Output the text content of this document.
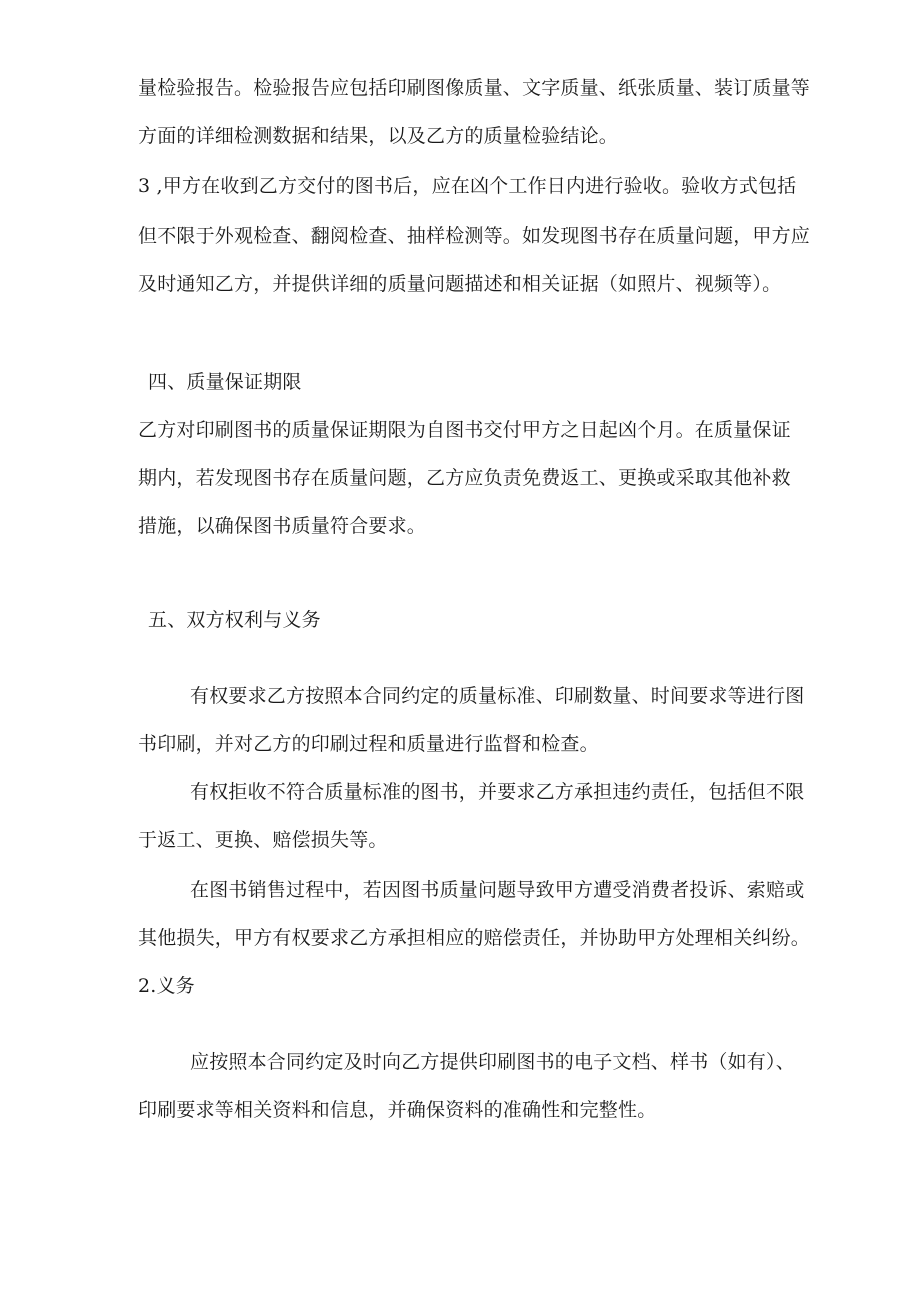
量检验报告。检验报告应包括印刷图像质量、文字质量、纸张质量、装订质量等
方面的详细检测数据和结果，以及乙方的质量检验结论。
3 ,甲方在收到乙方交付的图书后，应在凶个工作日内进行验收。验收方式包括
但不限于外观检查、翻阅检查、抽样检测等。如发现图书存在质量问题，甲方应
及时通知乙方，并提供详细的质量问题描述和相关证据（如照片、视频等）。
四、质量保证期限
乙方对印刷图书的质量保证期限为自图书交付甲方之日起凶个月。在质量保证
期内，若发现图书存在质量问题，乙方应负责免费返工、更换或采取其他补救
措施，以确保图书质量符合要求。
五、双方权利与义务
有权要求乙方按照本合同约定的质量标准、印刷数量、时间要求等进行图
书印刷，并对乙方的印刷过程和质量进行监督和检查。
有权拒收不符合质量标准的图书，并要求乙方承担违约责任，包括但不限
于返工、更换、赔偿损失等。
在图书销售过程中，若因图书质量问题导致甲方遭受消费者投诉、索赔或
其他损失，甲方有权要求乙方承担相应的赔偿责任，并协助甲方处理相关纠纷。
2.义务
应按照本合同约定及时向乙方提供印刷图书的电子文档、样书（如有）、
印刷要求等相关资料和信息，并确保资料的准确性和完整性。
